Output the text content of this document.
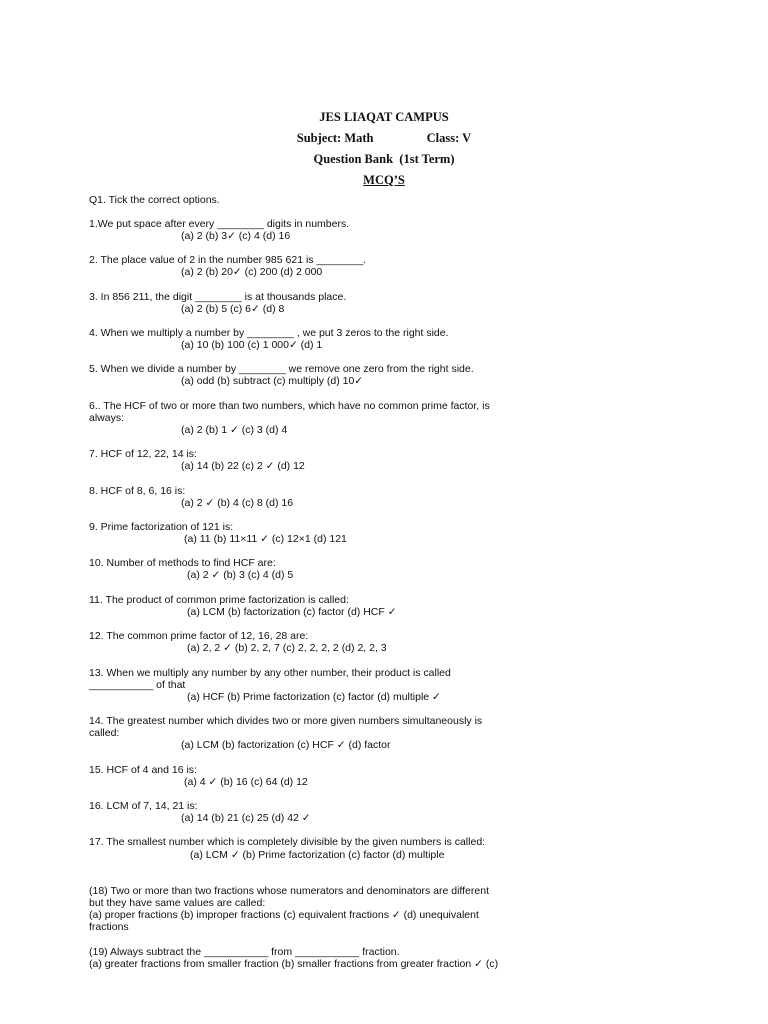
JES LIAQAT CAMPUS
Subject: Math	Class: V
Question Bank  (1st Term)
MCQ’S
Q1. Tick the correct options.
1.We put space after every ________ digits in numbers.
(a) 2 (b) 3✓ (c) 4 (d) 16
2. The place value of 2 in the number 985 621 is ________.
(a) 2 (b) 20✓ (c) 200 (d) 2 000
3. In 856 211, the digit ________ is at thousands place.
(a) 2 (b) 5 (c) 6✓ (d) 8
4. When we multiply a number by ________ , we put 3 zeros to the right side.
(a) 10 (b) 100 (c) 1 000✓ (d) 1
5. When we divide a number by ________ we remove one zero from the right side.
(a) odd (b) subtract (c) multiply (d) 10✓
6.. The HCF of two or more than two numbers, which have no common prime factor, is
always:
(a) 2 (b) 1 ✓ (c) 3 (d) 4
7. HCF of 12, 22, 14 is:
(a) 14 (b) 22 (c) 2 ✓ (d) 12
8. HCF of 8, 6, 16 is:
(a) 2 ✓ (b) 4 (c) 8 (d) 16
9. Prime factorization of 121 is:
(a) 11 (b) 11×11 ✓ (c) 12×1 (d) 121
10. Number of methods to find HCF are:
(a) 2 ✓ (b) 3 (c) 4 (d) 5
11. The product of common prime factorization is called:
(a) LCM (b) factorization (c) factor (d) HCF ✓
12. The common prime factor of 12, 16, 28 are:
(a) 2, 2 ✓ (b) 2, 2, 7 (c) 2, 2, 2, 2 (d) 2, 2, 3
13. When we multiply any number by any other number, their product is called
___________ of that
(a) HCF (b) Prime factorization (c) factor (d) multiple ✓
14. The greatest number which divides two or more given numbers simultaneously is
called:
(a) LCM (b) factorization (c) HCF ✓ (d) factor
15. HCF of 4 and 16 is:
(a) 4 ✓ (b) 16 (c) 64 (d) 12
16. LCM of 7, 14, 21 is:
(a) 14 (b) 21 (c) 25 (d) 42 ✓
17. The smallest number which is completely divisible by the given numbers is called:
(a) LCM ✓ (b) Prime factorization (c) factor (d) multiple
(18) Two or more than two fractions whose numerators and denominators are different
but they have same values are called:
(a) proper fractions (b) improper fractions (c) equivalent fractions ✓ (d) unequivalent
fractions
(19) Always subtract the ___________ from ___________ fraction.
(a) greater fractions from smaller fraction (b) smaller fractions from greater fraction ✓ (c)
